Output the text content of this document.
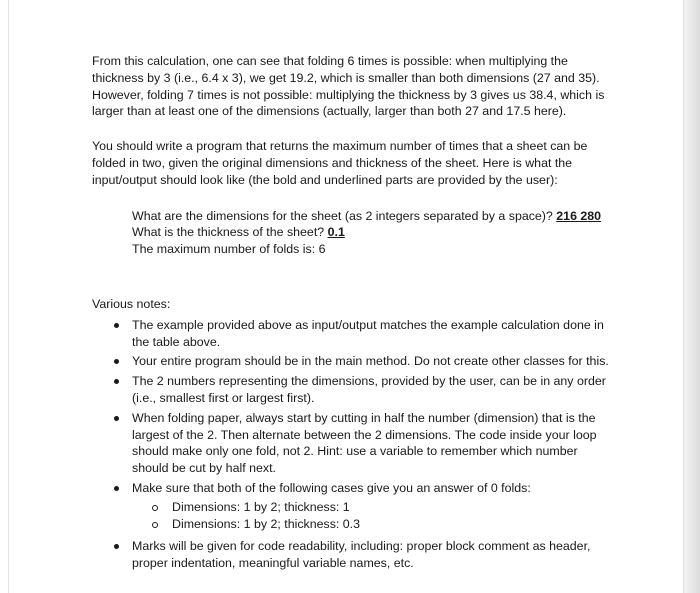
From this calculation, one can see that folding 6 times is possible: when multiplying the thickness by 3 (i.e., 6.4 x 3), we get 19.2, which is smaller than both dimensions (27 and 35). However, folding 7 times is not possible: multiplying the thickness by 3 gives us 38.4, which is larger than at least one of the dimensions (actually, larger than both 27 and 17.5 here).

You should write a program that returns the maximum number of times that a sheet can be folded in two, given the original dimensions and thickness of the sheet. Here is what the input/output should look like (the bold and underlined parts are provided by the user):

What are the dimensions for the sheet (as 2 integers separated by a space)? 216 280
What is the thickness of the sheet? 0.1
The maximum number of folds is: 6

Various notes:

The example provided above as input/output matches the example calculation done in the table above.
Your entire program should be in the main method. Do not create other classes for this.
The 2 numbers representing the dimensions, provided by the user, can be in any order (i.e., smallest first or largest first).
When folding paper, always start by cutting in half the number (dimension) that is the largest of the 2. Then alternate between the 2 dimensions. The code inside your loop should make only one fold, not 2. Hint: use a variable to remember which number should be cut by half next.
Make sure that both of the following cases give you an answer of 0 folds:
Dimensions: 1 by 2; thickness: 1
Dimensions: 1 by 2; thickness: 0.3
Marks will be given for code readability, including: proper block comment as header, proper indentation, meaningful variable names, etc.
